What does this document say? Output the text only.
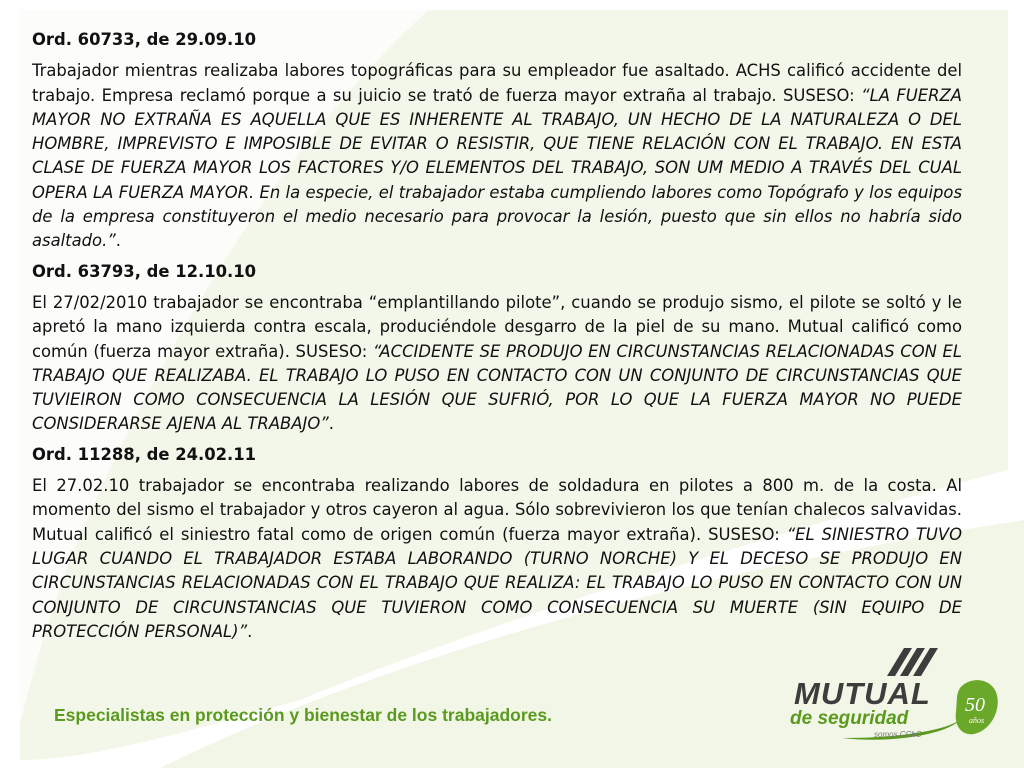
Ord. 60733, de 29.09.10
Trabajador mientras realizaba labores topográficas para su empleador fue asaltado. ACHS calificó accidente del trabajo. Empresa reclamó porque a su juicio se trató de fuerza mayor extraña al trabajo. SUSESO: “LA FUERZA MAYOR NO EXTRAÑA ES AQUELLA QUE ES INHERENTE AL TRABAJO, UN HECHO DE LA NATURALEZA O DEL HOMBRE, IMPREVISTO E IMPOSIBLE DE EVITAR O RESISTIR, QUE TIENE RELACIÓN CON EL TRABAJO. EN ESTA CLASE DE FUERZA MAYOR LOS FACTORES Y/O ELEMENTOS DEL TRABAJO, SON UM MEDIO A TRAVÉS DEL CUAL OPERA LA FUERZA MAYOR. En la especie, el trabajador estaba cumpliendo labores como Topógrafo y los equipos de la empresa constituyeron el medio necesario para provocar la lesión, puesto que sin ellos no habría sido asaltado.”.
Ord. 63793, de 12.10.10
El 27/02/2010 trabajador se encontraba “emplantillando pilote”, cuando se produjo sismo, el pilote se soltó y le apretó la mano izquierda contra escala, produciéndole desgarro de la piel de su mano. Mutual calificó como común (fuerza mayor extraña). SUSESO: “ACCIDENTE SE PRODUJO EN CIRCUNSTANCIAS RELACIONADAS CON EL TRABAJO QUE REALIZABA. EL TRABAJO LO PUSO EN CONTACTO CON UN CONJUNTO DE CIRCUNSTANCIAS QUE TUVIEIRON COMO CONSECUENCIA LA LESIÓN QUE SUFRIÓ, POR LO QUE LA FUERZA MAYOR NO PUEDE CONSIDERARSE AJENA AL TRABAJO”.
Ord. 11288, de 24.02.11
El 27.02.10 trabajador se encontraba realizando labores de soldadura en pilotes a 800 m. de la costa. Al momento del sismo el trabajador y otros cayeron al agua. Sólo sobrevivieron los que tenían chalecos salvavidas. Mutual calificó el siniestro fatal como de origen común (fuerza mayor extraña). SUSESO: “EL SINIESTRO TUVO LUGAR CUANDO EL TRABAJADOR ESTABA LABORANDO (TURNO NORCHE) Y EL DECESO SE PRODUJO EN CIRCUNSTANCIAS RELACIONADAS CON EL TRABAJO QUE REALIZA: EL TRABAJO LO PUSO EN CONTACTO CON UN CONJUNTO DE CIRCUNSTANCIAS QUE TUVIERON COMO CONSECUENCIA SU MUERTE (SIN EQUIPO DE PROTECCIÓN PERSONAL)”.
Especialistas en protección y bienestar de los trabajadores.
MUTUAL
de seguridad
somos CChC
50
años
